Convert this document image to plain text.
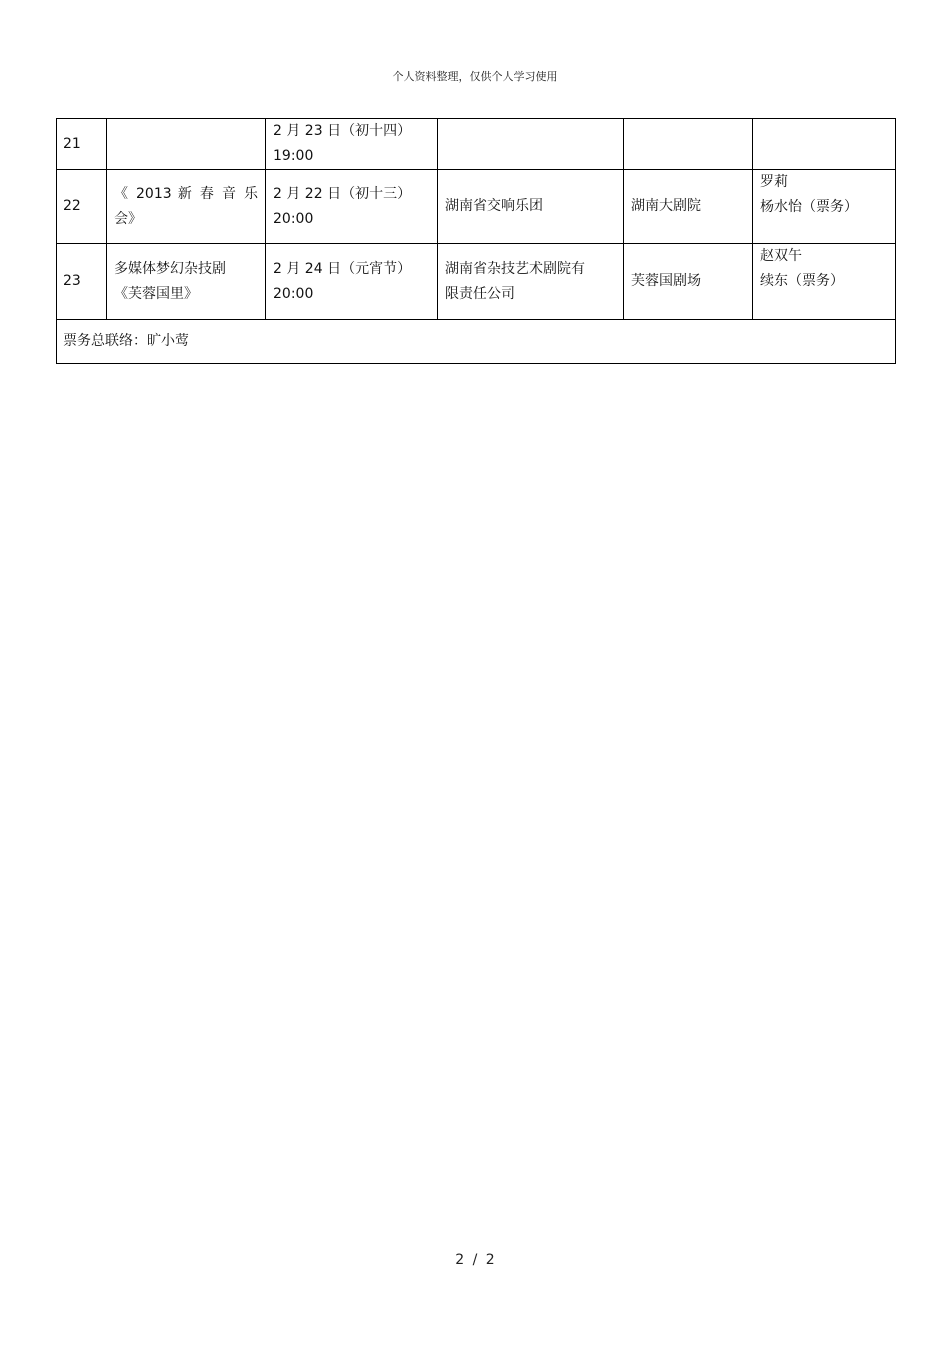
个人资料整理，仅供个人学习使用
21		2 月 23 日（初十四）
19:00			

22	《 2013 新 春 音 乐
会》	2 月 22 日（初十三）
20:00	湖南省交响乐团	湖南大剧院	罗莉
杨水怡（票务）

23	多媒体梦幻杂技剧
《芙蓉国里》	2 月 24 日（元宵节）
20:00	湖南省杂技艺术剧院有
限责任公司	芙蓉国剧场	赵双午
续东（票务）

票务总联络：旷小莺					
2 / 2
